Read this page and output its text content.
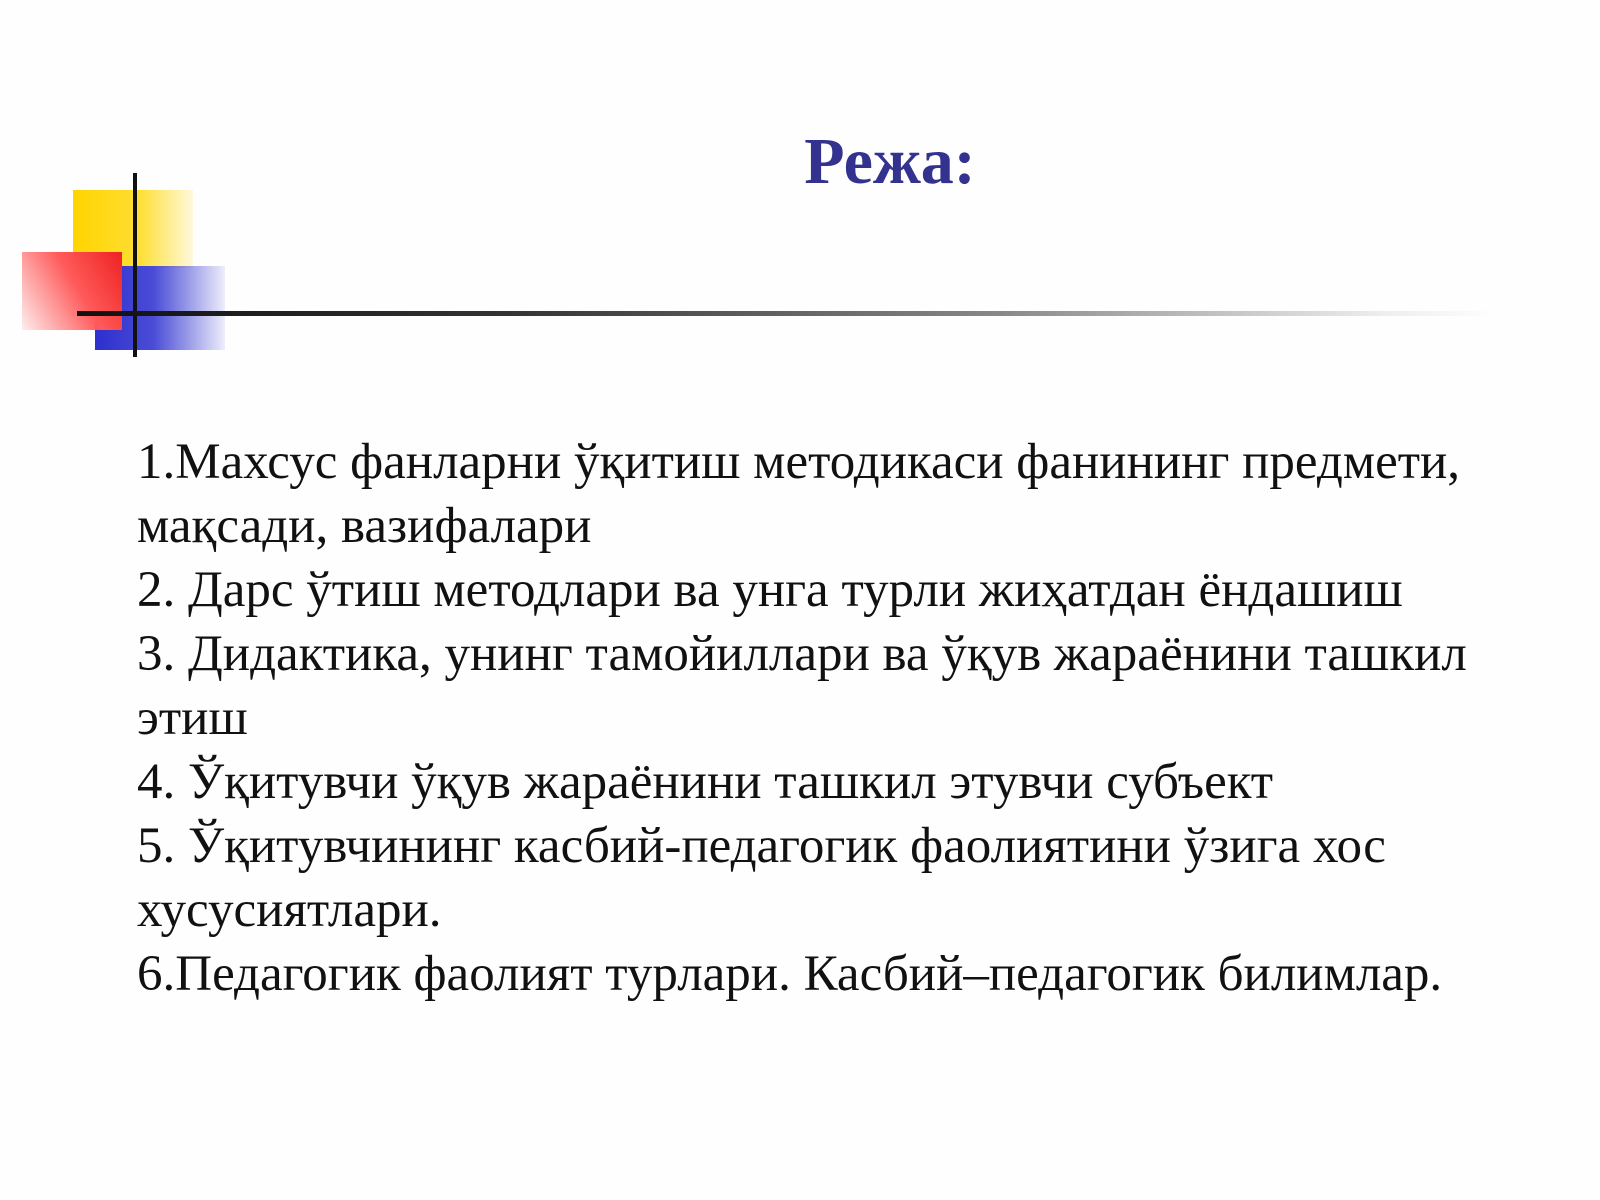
Режа:

1.Махсус фанларни ўқитиш методикаси фанининг предмети, мақсади, вазифалари

2. Дарс ўтиш методлари ва унга турли жиҳатдан ёндашиш

3. Дидактика, унинг тамойиллари ва ўқув жараёнини ташкил этиш

4. Ўқитувчи ўқув жараёнини ташкил этувчи субъект

5. Ўқитувчининг касбий-педагогик фаолиятини ўзига хос хусусиятлари.

6.Педагогик фаолият турлари. Касбий–педагогик билимлар.
